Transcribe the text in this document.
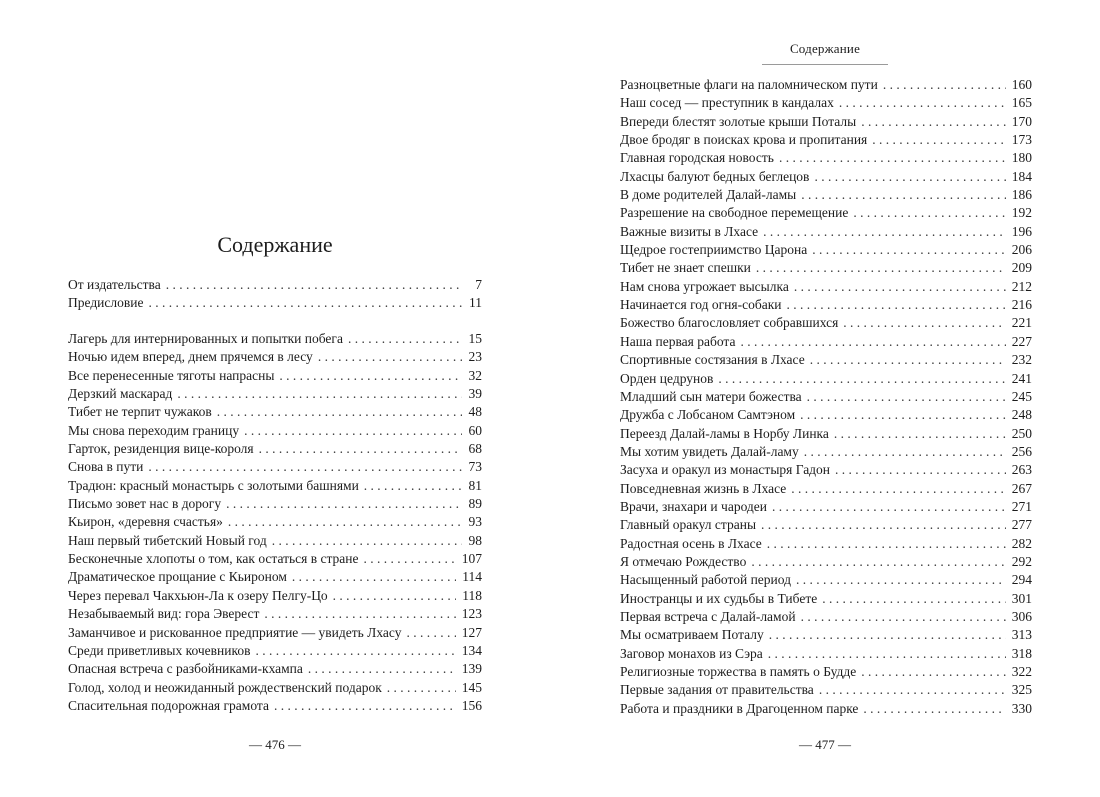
Содержание
От издательства . . .	7
Предисловие . . .	11
Лагерь для интернированных и попытки побега . . .	15
Ночью идем вперед, днем прячемся в лесу . . .	23
Все перенесенные тяготы напрасны . . .	32
Дерзкий маскарад . . .	39
Тибет не терпит чужаков . . .	48
Мы снова переходим границу . . .	60
Гарток, резиденция вице-короля . . .	68
Снова в пути . . .	73
Традюн: красный монастырь с золотыми башнями . . .	81
Письмо зовет нас в дорогу . . .	89
Кьирон, «деревня счастья» . . .	93
Наш первый тибетский Новый год . . .	98
Бесконечные хлопоты о том, как остаться в стране . . .	107
Драматическое прощание с Кьироном . . .	114
Через перевал Чакхьюн-Ла к озеру Пелгу-Цо . . .	118
Незабываемый вид: гора Эверест . . .	123
Заманчивое и рискованное предприятие — увидеть Лхасу . . .	127
Среди приветливых кочевников . . .	134
Опасная встреча с разбойниками-кхампа . . .	139
Голод, холод и неожиданный рождественский подарок . . .	145
Спасительная подорожная грамота . . .	156
— 476 —
Содержание
Разноцветные флаги на паломническом пути . . .	160
Наш сосед — преступник в кандалах . . .	165
Впереди блестят золотые крыши Поталы . . .	170
Двое бродяг в поисках крова и пропитания . . .	173
Главная городская новость . . .	180
Лхасцы балуют бедных беглецов . . .	184
В доме родителей Далай-ламы . . .	186
Разрешение на свободное перемещение . . .	192
Важные визиты в Лхасе . . .	196
Щедрое гостеприимство Царона . . .	206
Тибет не знает спешки . . .	209
Нам снова угрожает высылка . . .	212
Начинается год огня-собаки . . .	216
Божество благословляет собравшихся . . .	221
Наша первая работа . . .	227
Спортивные состязания в Лхасе . . .	232
Орден цедрунов . . .	241
Младший сын матери божества . . .	245
Дружба с Лобсаном Самтэном . . .	248
Переезд Далай-ламы в Норбу Линка . . .	250
Мы хотим увидеть Далай-ламу . . .	256
Засуха и оракул из монастыря Гадон . . .	263
Повседневная жизнь в Лхасе . . .	267
Врачи, знахари и чародеи . . .	271
Главный оракул страны . . .	277
Радостная осень в Лхасе . . .	282
Я отмечаю Рождество . . .	292
Насыщенный работой период . . .	294
Иностранцы и их судьбы в Тибете . . .	301
Первая встреча с Далай-ламой . . .	306
Мы осматриваем Поталу . . .	313
Заговор монахов из Сэра . . .	318
Религиозные торжества в память о Будде . . .	322
Первые задания от правительства . . .	325
Работа и праздники в Драгоценном парке . . .	330
— 477 —
